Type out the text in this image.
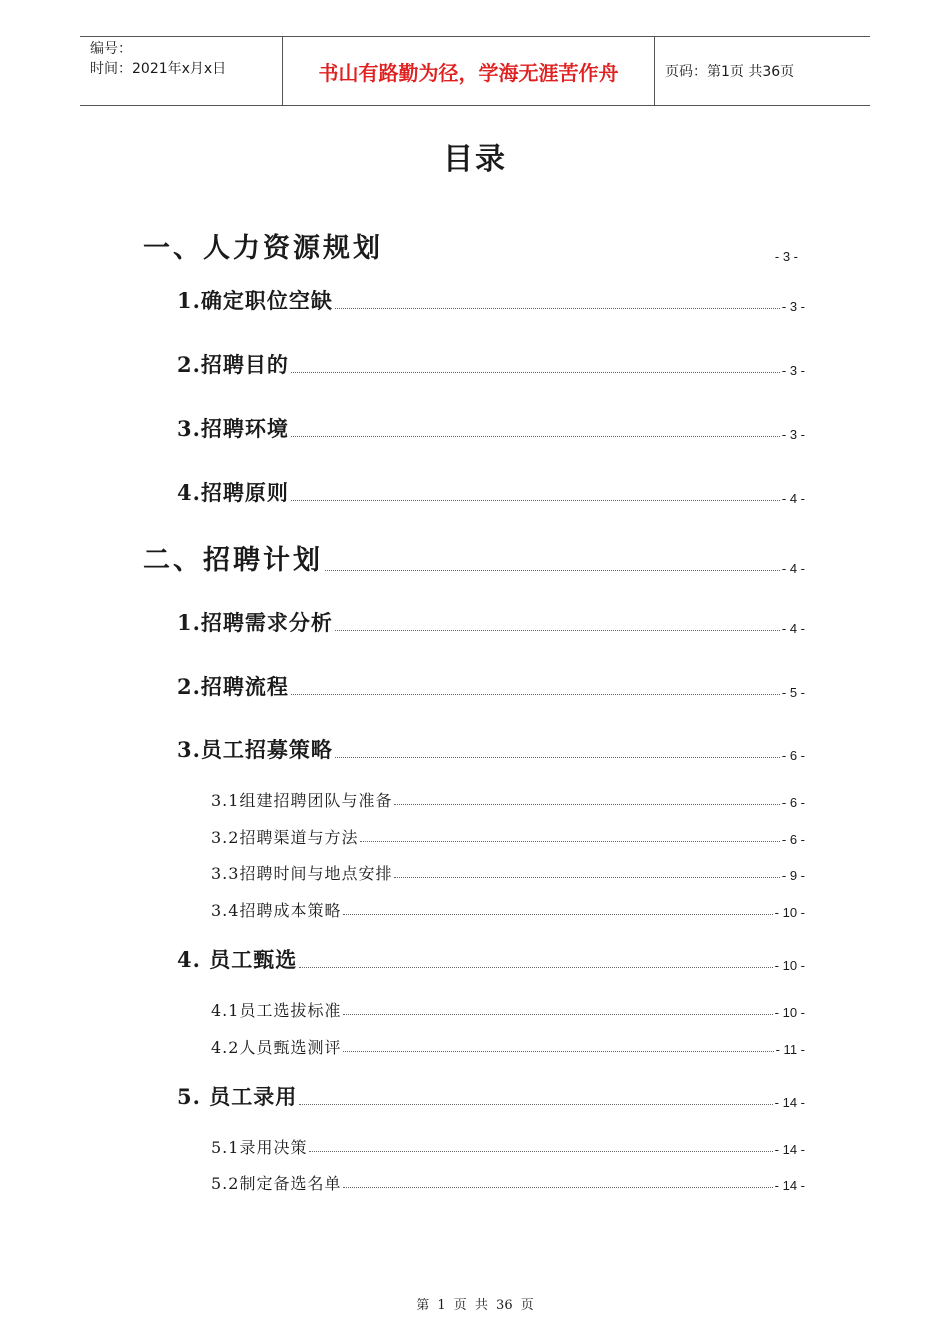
编号：
时间：2021年x月x日	书山有路勤为径，学海无涯苦作舟	页码：第1页 共36页
目录
一、人力资源规划	- 3 -
1.确定职位空缺	- 3 -
2.招聘目的	- 3 -
3.招聘环境	- 3 -
4.招聘原则	- 4 -
二、招聘计划	- 4 -
1.招聘需求分析	- 4 -
2.招聘流程	- 5 -
3.员工招募策略	- 6 -
3.1组建招聘团队与准备	- 6 -
3.2招聘渠道与方法	- 6 -
3.3招聘时间与地点安排	- 9 -
3.4招聘成本策略	- 10 -
4. 员工甄选	- 10 -
4.1员工选拔标准	- 10 -
4.2人员甄选测评	- 11 -
5. 员工录用	- 14 -
5.1录用决策	- 14 -
5.2制定备选名单	- 14 -
第 1 页 共 36 页
